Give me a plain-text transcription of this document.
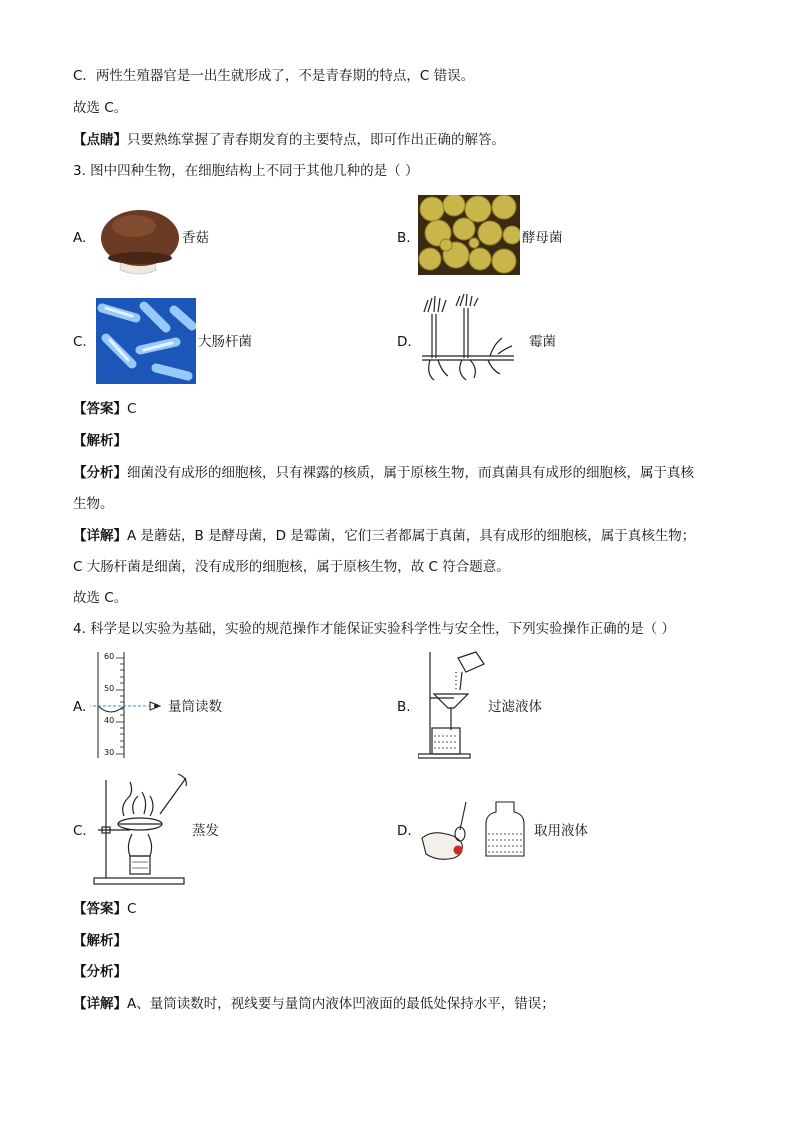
C．两性生殖器官是一出生就形成了，不是青春期的特点，C 错误。
故选 C。
【点睛】只要熟练掌握了青春期发育的主要特点，即可作出正确的解答。
3. 图中四种生物，在细胞结构上不同于其他几种的是（ ）
A.	香菇	B.	酵母菌
C.	大肠杆菌	D.	霉菌
【答案】C
【解析】
【分析】细菌没有成形的细胞核，只有裸露的核质，属于原核生物，而真菌具有成形的细胞核，属于真核
生物。
【详解】A 是蘑菇，B 是酵母菌，D 是霉菌，它们三者都属于真菌，具有成形的细胞核，属于真核生物；
C 大肠杆菌是细菌，没有成形的细胞核，属于原核生物，故 C 符合题意。
故选 C。
4. 科学是以实验为基础，实验的规范操作才能保证实验科学性与安全性，下列实验操作正确的是（ ）
A.
60
50
40
30
量筒读数	B.	过滤液体
C.	蒸发	D.	取用液体
【答案】C
【解析】
【分析】
【详解】A、量筒读数时，视线要与量筒内液体凹液面的最低处保持水平，错误；
